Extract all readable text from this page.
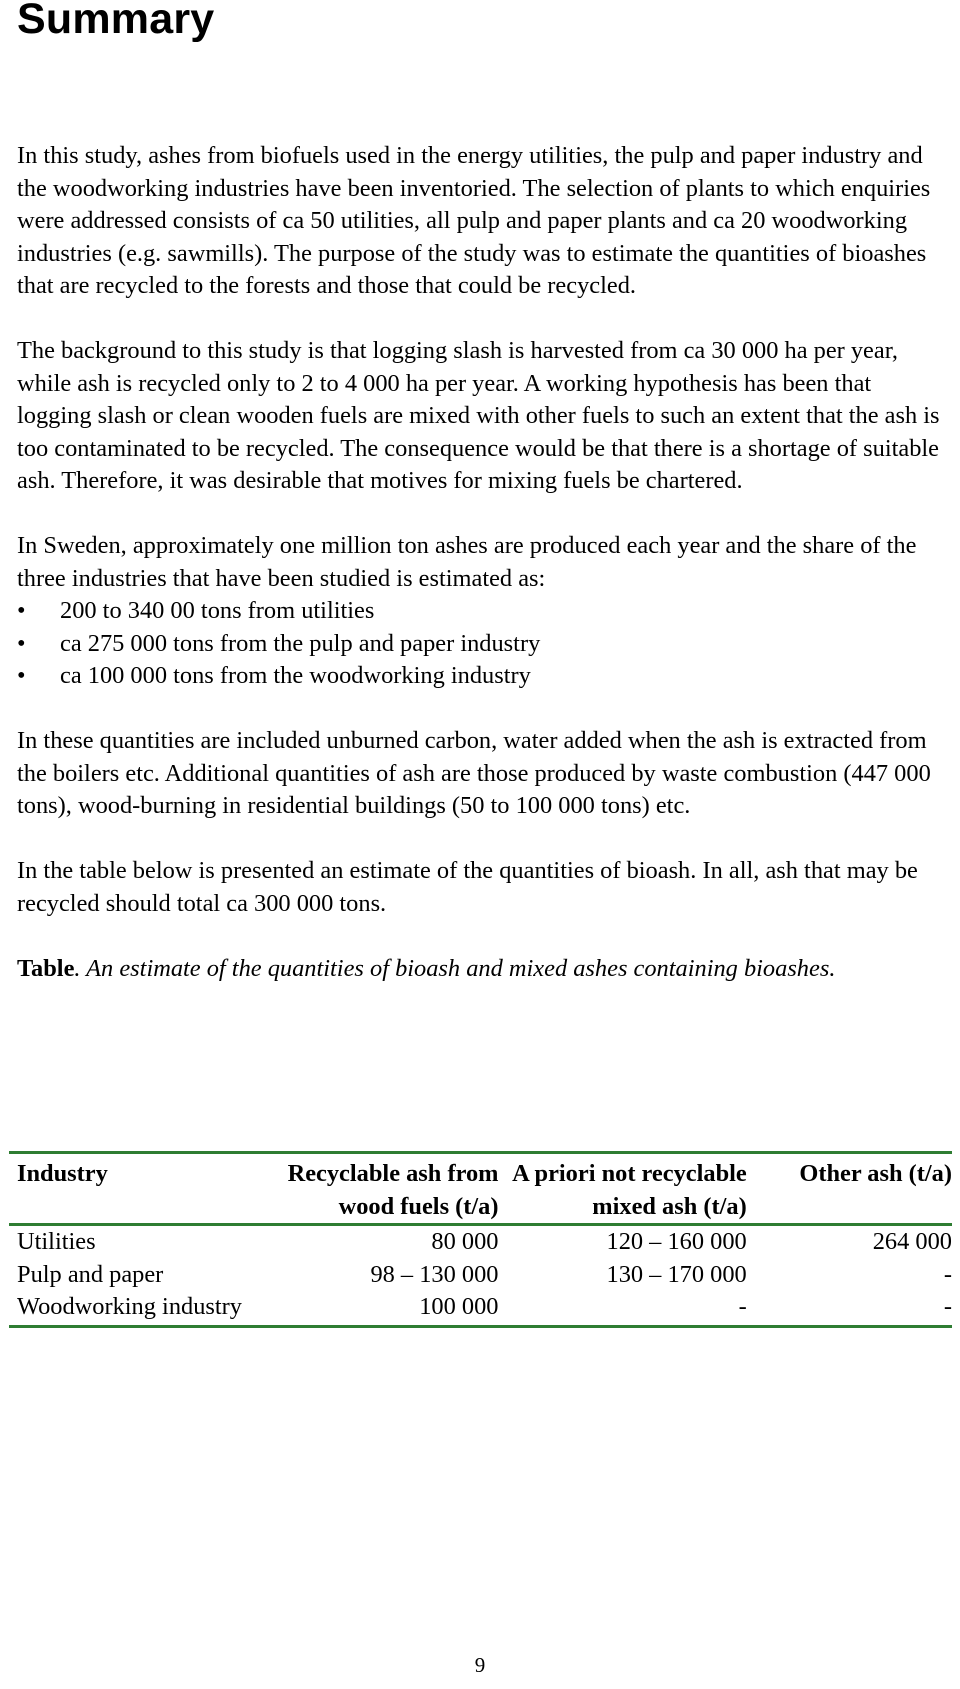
Summary

In this study, ashes from biofuels used in the energy utilities, the pulp and paper industry and the woodworking industries have been inventoried. The selection of plants to which enquiries were addressed consists of ca 50 utilities, all pulp and paper plants and ca 20 woodworking industries (e.g. sawmills). The purpose of the study was to estimate the quantities of bioashes that are recycled to the forests and those that could be recycled.

The background to this study is that logging slash is harvested from ca 30 000 ha per year, while ash is recycled only to 2 to 4 000 ha per year. A working hypothesis has been that logging slash or clean wooden fuels are mixed with other fuels to such an extent that the ash is too contaminated to be recycled. The consequence would be that there is a shortage of suitable ash. Therefore, it was desirable that motives for mixing fuels be chartered.

In Sweden, approximately one million ton ashes are produced each year and the share of the three industries that have been studied is estimated as:

• 200 to 340 00 tons from utilities
• ca 275 000 tons from the pulp and paper industry
• ca 100 000 tons from the woodworking industry

In these quantities are included unburned carbon, water added when the ash is extracted from the boilers etc. Additional quantities of ash are those produced by waste combustion (447 000 tons), wood-burning in residential buildings (50 to 100 000 tons) etc.

In the table below is presented an estimate of the quantities of bioash. In all, ash that may be recycled should total ca 300 000 tons.

Table. An estimate of the quantities of bioash and mixed ashes containing bioashes.

Industry	Recyclable ash from wood fuels (t/a)	A priori not recyclable mixed ash (t/a)	Other ash (t/a)
Utilities	80 000	120 – 160 000	264 000
Pulp and paper	98 – 130 000	130 – 170 000	-
Woodworking industry	100 000	-	-
9
